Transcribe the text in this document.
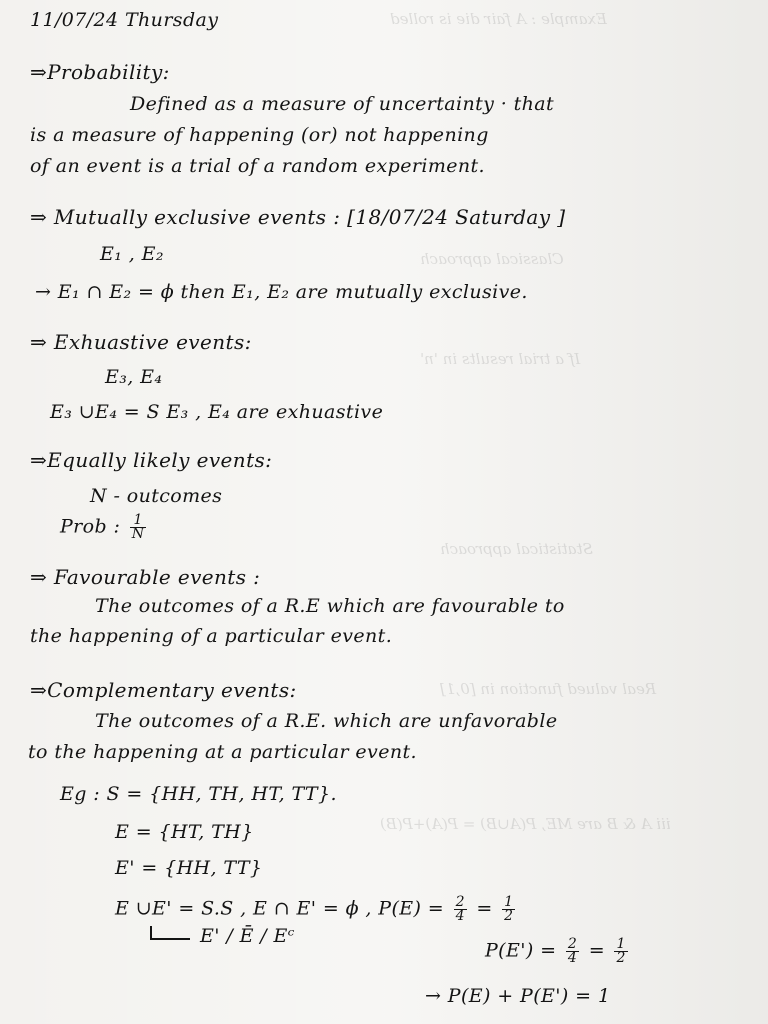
Example : A fair die is rolled
Classical approach
If a trial results in 'n'
Statistical approach
Real valued function in [0,1]
iii A & B are ME, P(A∪B) = P(A)+P(B)
11/07/24 Thursday
⇒Probability:
Defined as a measure of uncertainty · that
is a measure of happening (or) not happening
of an event is a trial of a random experiment.
⇒ Mutually exclusive events : [18/07/24 Saturday ]
E₁ , E₂
→ E₁ ∩ E₂ = ϕ then E₁, E₂ are mutually exclusive.
⇒ Exhuastive events:
E₃, E₄
E₃ ∪E₄ = S E₃ , E₄ are exhuastive
⇒Equally likely events:
N - outcomes
Prob : $\frac{1}{N}$
⇒ Favourable events :
The outcomes of a R.E which are favourable to
the happening of a particular event.
⇒Complementary events:
The outcomes of a R.E. which are unfavorable
to the happening at a particular event.
Eg : S = {HH, TH, HT, TT}.
E = {HT, TH}
E' = {HH, TT}
E ∪E' = S.S , E ∩ E' = ϕ , $P(E) = \frac{2}{4} = \frac{1}{2}$
E' / Ē / Eᶜ
$P(E') = \frac{2}{4} = \frac{1}{2}$
→ P(E) + P(E') = 1
